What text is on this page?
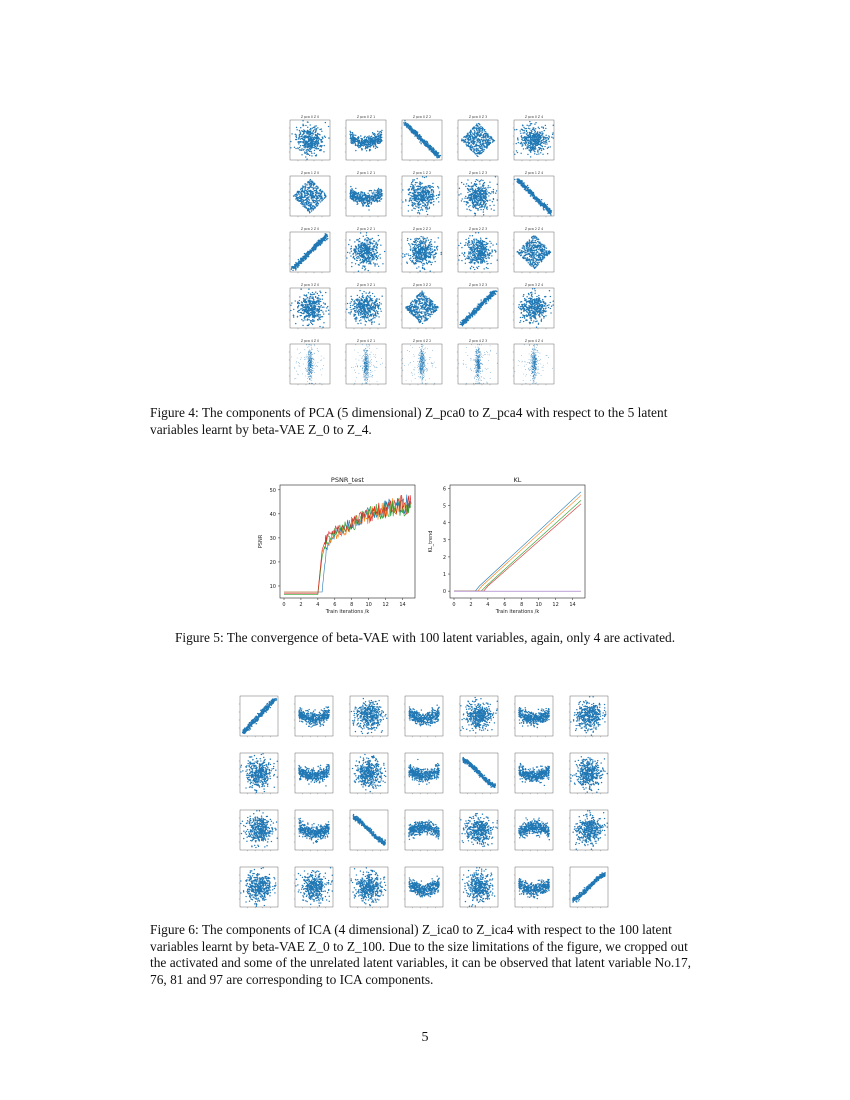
Z pca 0 Z 0	Z pca 0 Z 1	Z pca 0 Z 2	Z pca 0 Z 3	Z pca 0 Z 4
Z pca 1 Z 0	Z pca 1 Z 1	Z pca 1 Z 2	Z pca 1 Z 3	Z pca 1 Z 4
Z pca 2 Z 0	Z pca 2 Z 1	Z pca 2 Z 2	Z pca 2 Z 3	Z pca 2 Z 4
Z pca 3 Z 0	Z pca 3 Z 1	Z pca 3 Z 2	Z pca 3 Z 3	Z pca 3 Z 4
Z pca 4 Z 0	Z pca 4 Z 1	Z pca 4 Z 2	Z pca 4 Z 3	Z pca 4 Z 4
Figure 4: The components of PCA (5 dimensional) Z_pca0 to Z_pca4 with respect to the 5 latent
variables learnt by beta-VAE Z_0 to Z_4.
PSNR_test
PSNR
Train iterations /k
50
40
30
20
10
0	2	4	6	8 10 12 14
KL
KL_trend
Train iterations /k
6
5
4
3
2
1
0
0	2	4	6	8 10 12 14
Figure 5: The convergence of beta-VAE with 100 latent variables, again, only 4 are activated.
Figure 6: The components of ICA (4 dimensional) Z_ica0 to Z_ica4 with respect to the 100 latent
variables learnt by beta-VAE Z_0 to Z_100. Due to the size limitations of the figure, we cropped out
the activated and some of the unrelated latent variables, it can be observed that latent variable No.17,
76, 81 and 97 are corresponding to ICA components.
5
